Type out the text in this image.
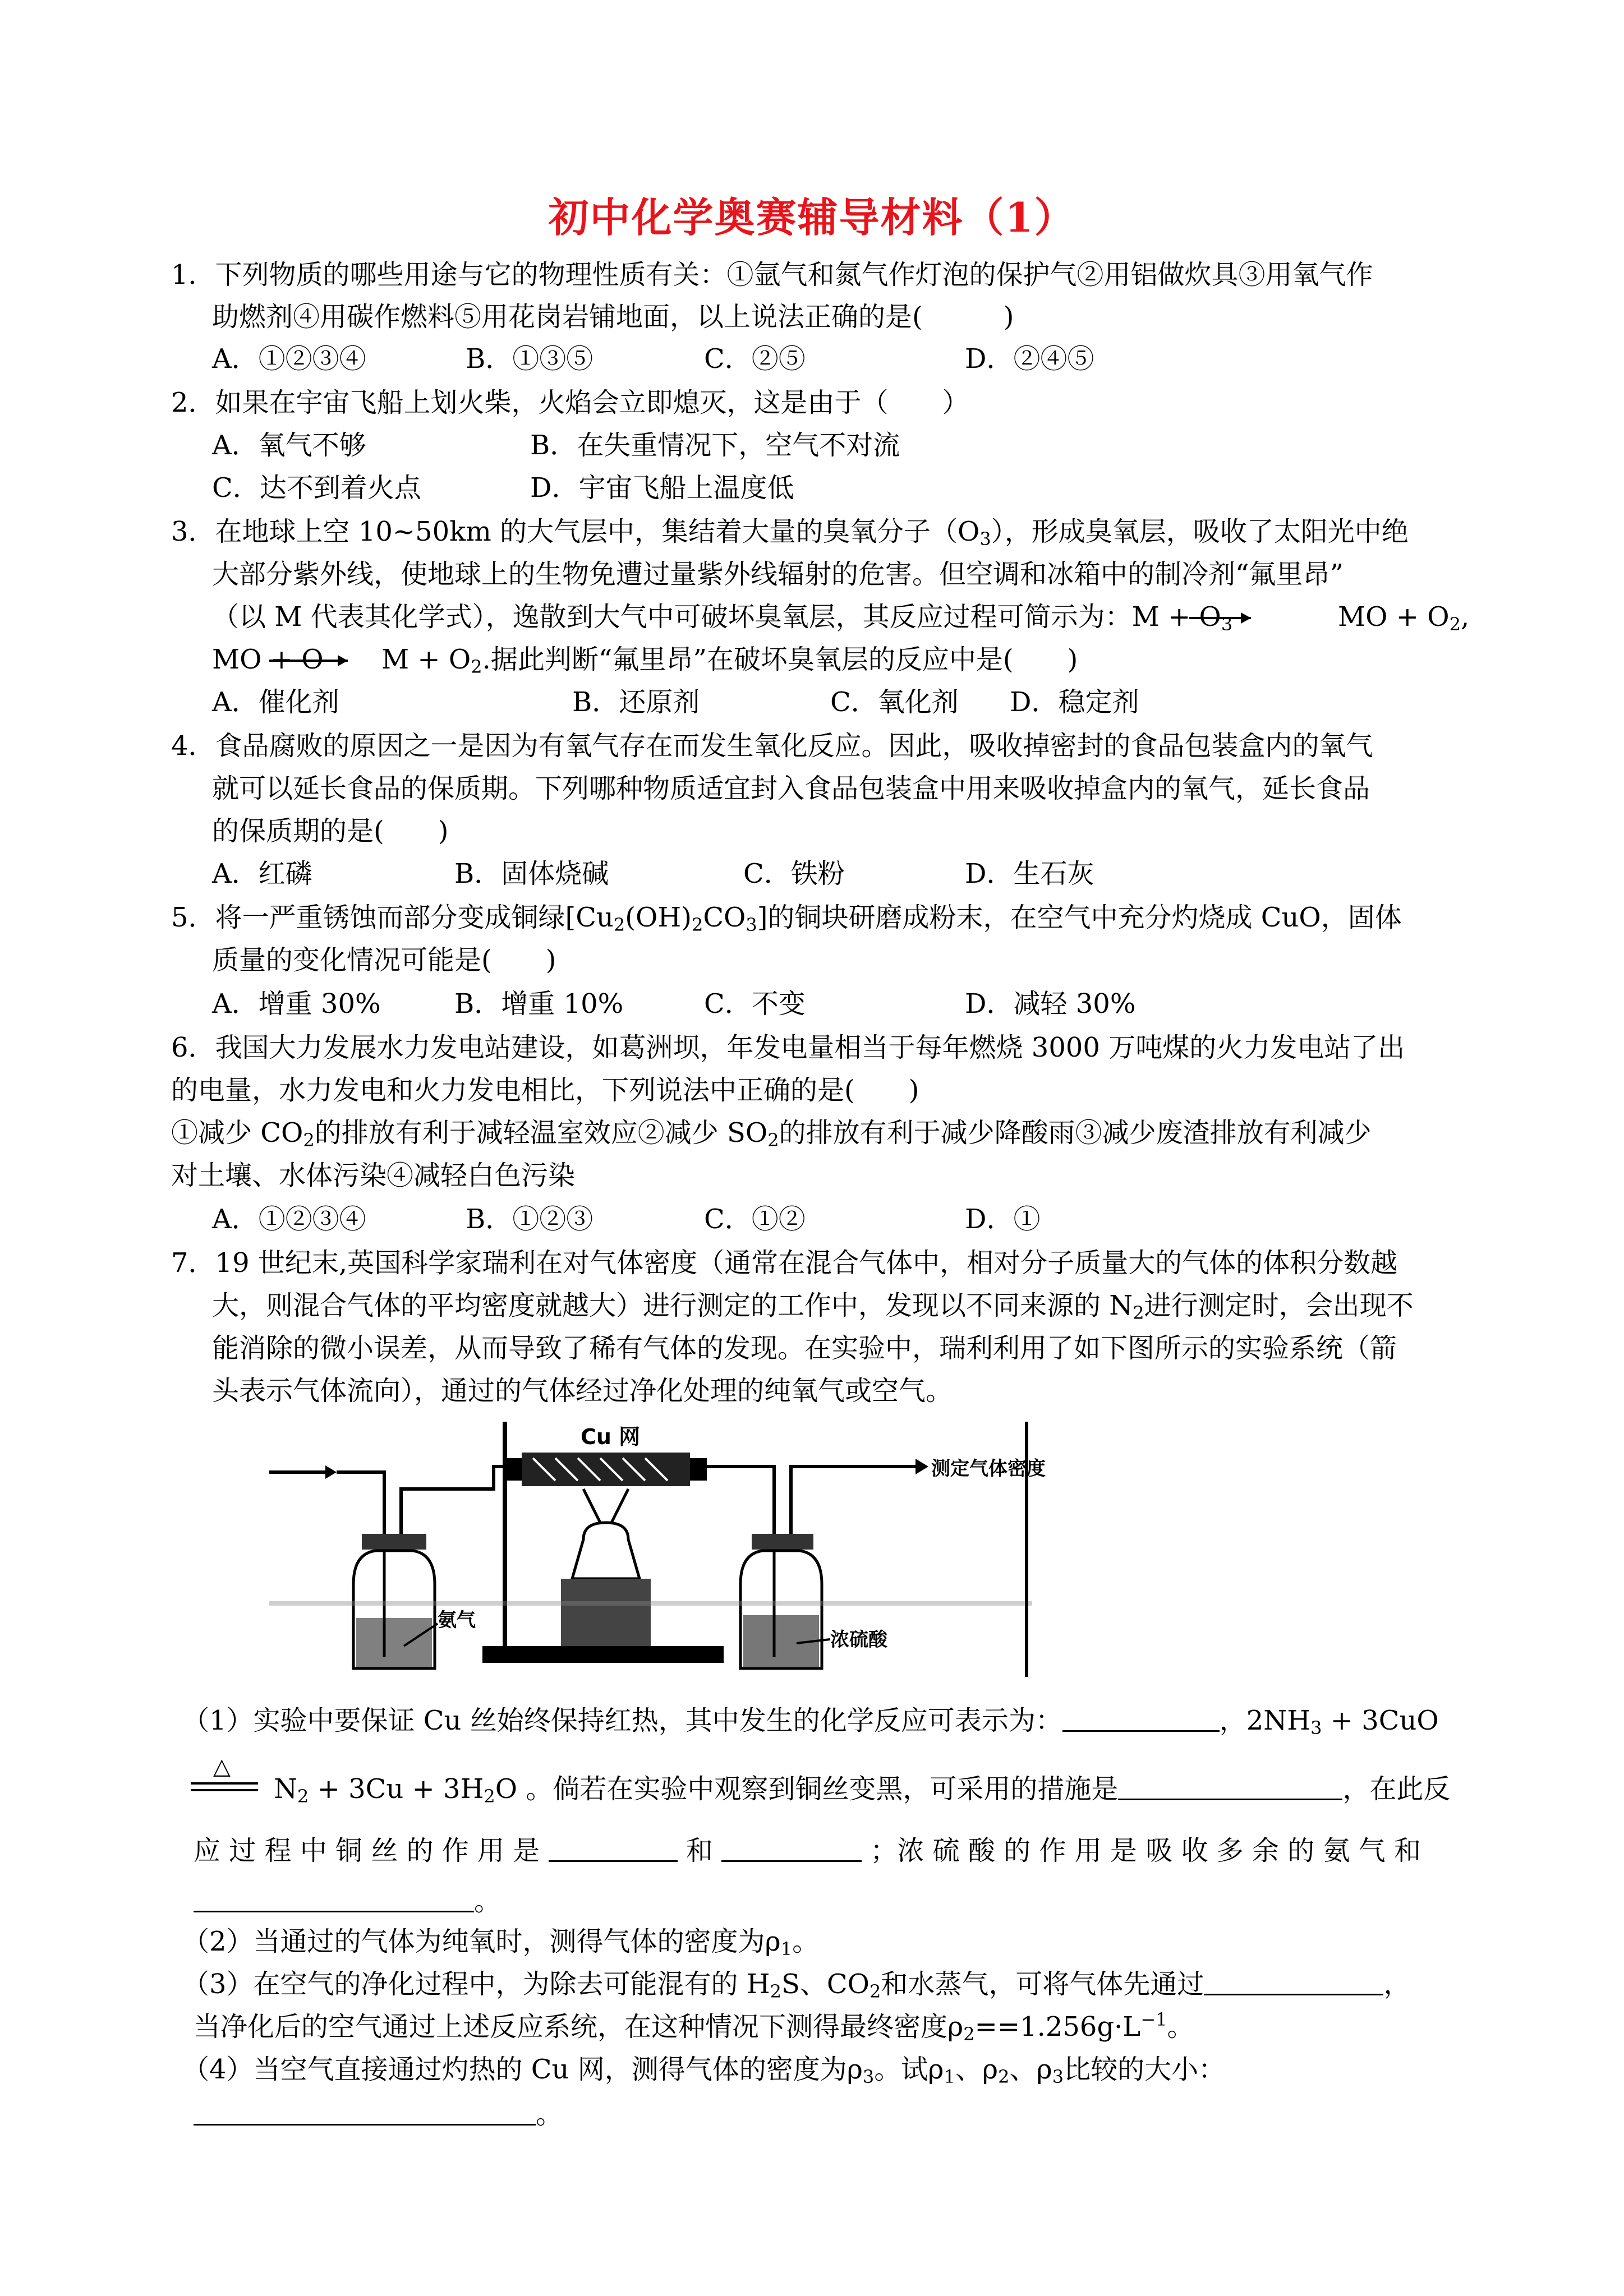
初中化学奥赛辅导材料（1）
1．下列物质的哪些用途与它的物理性质有关：①氩气和氮气作灯泡的保护气②用铝做炊具③用氧气作
助燃剂④用碳作燃料⑤用花岗岩铺地面，以上说法正确的是(　　　)
A．①②③④	B．①③⑤	C．②⑤	D．②④⑤
2．如果在宇宙飞船上划火柴，火焰会立即熄灭，这是由于（　　）
A．氧气不够	B．在失重情况下，空气不对流
C．达不到着火点	D．宇宙飞船上温度低
3．在地球上空 10~50km 的大气层中，集结着大量的臭氧分子$(O_3)$，形成臭氧层，吸收了太阳光中绝
大部分紫外线，使地球上的生物免遭过量紫外线辐射的危害。但空调和冰箱中的制冷剂“氟里昂”
（以 M 代表其化学式），逸散到大气中可破坏臭氧层，其反应过程可简示为：$M + O_3$	MO + $O_2$,
MO + O $M + O_2$.据此判断“氟里昂”在破坏臭氧层的反应中是(　　)
A．催化剂	B．还原剂	C．氧化剂 D．稳定剂
4．食品腐败的原因之一是因为有氧气存在而发生氧化反应。因此，吸收掉密封的食品包装盒内的氧气
就可以延长食品的保质期。下列哪种物质适宜封入食品包装盒中用来吸收掉盒内的氧气，延长食品
的保质期的是(　　)
A．红磷	B．固体烧碱	C．铁粉	D．生石灰
5．将一严重锈蚀而部分变成铜绿$[Cu_2(OH)_2CO_3]$的铜块研磨成粉末，在空气中充分灼烧成 CuO，固体
质量的变化情况可能是(　　)
A．增重 30%	B．增重 10%	C．不变	D．减轻 30%
6．我国大力发展水力发电站建设，如葛洲坝，年发电量相当于每年燃烧 3000 万吨煤的火力发电站了出
的电量，水力发电和火力发电相比，下列说法中正确的是(　　)
①减少 $CO_2$的排放有利于减轻温室效应②减少 $SO_2$的排放有利于减少降酸雨③减少废渣排放有利减少
对土壤、水体污染④减轻白色污染
A．①②③④	B．①②③	C．①②	D．①
7．19 世纪末,英国科学家瑞利在对气体密度（通常在混合气体中，相对分子质量大的气体的体积分数越
大，则混合气体的平均密度就越大）进行测定的工作中，发现以不同来源的 $N_2$进行测定时，会出现不
能消除的微小误差，从而导致了稀有气体的发现。在实验中，瑞利利用了如下图所示的实验系统（箭
头表示气体流向），通过的气体经过净化处理的纯氧气或空气。
Cu 网
测定气体密度
氨气
浓硫酸
（1）实验中要保证 Cu 丝始终保持红热，其中发生的化学反应可表示为：	，$2NH_3 + 3CuO$
△
$N_2 + 3Cu + 3H_2O$ 。倘若在实验中观察到铜丝变黑，可采用的措施是	，在此反
应 过 程 中 铜 丝 的 作 用 是	和	；浓 硫 酸 的 作 用 是 吸 收 多 余 的 氨 气 和
。
（2）当通过的气体为纯氧时，测得气体的密度为$\rho_1$。
（3）在空气的净化过程中，为除去可能混有的 $H_2S$、$CO_2$和水蒸气，可将气体先通过	，
当净化后的空气通过上述反应系统，在这种情况下测得最终密度$\rho_2==1.256g\cdot L^{-1}$。
（4）当空气直接通过灼热的 Cu 网，测得气体的密度为$\rho_3$。试$\rho_1$、$\rho_2$、$\rho_3$比较的大小：
。
